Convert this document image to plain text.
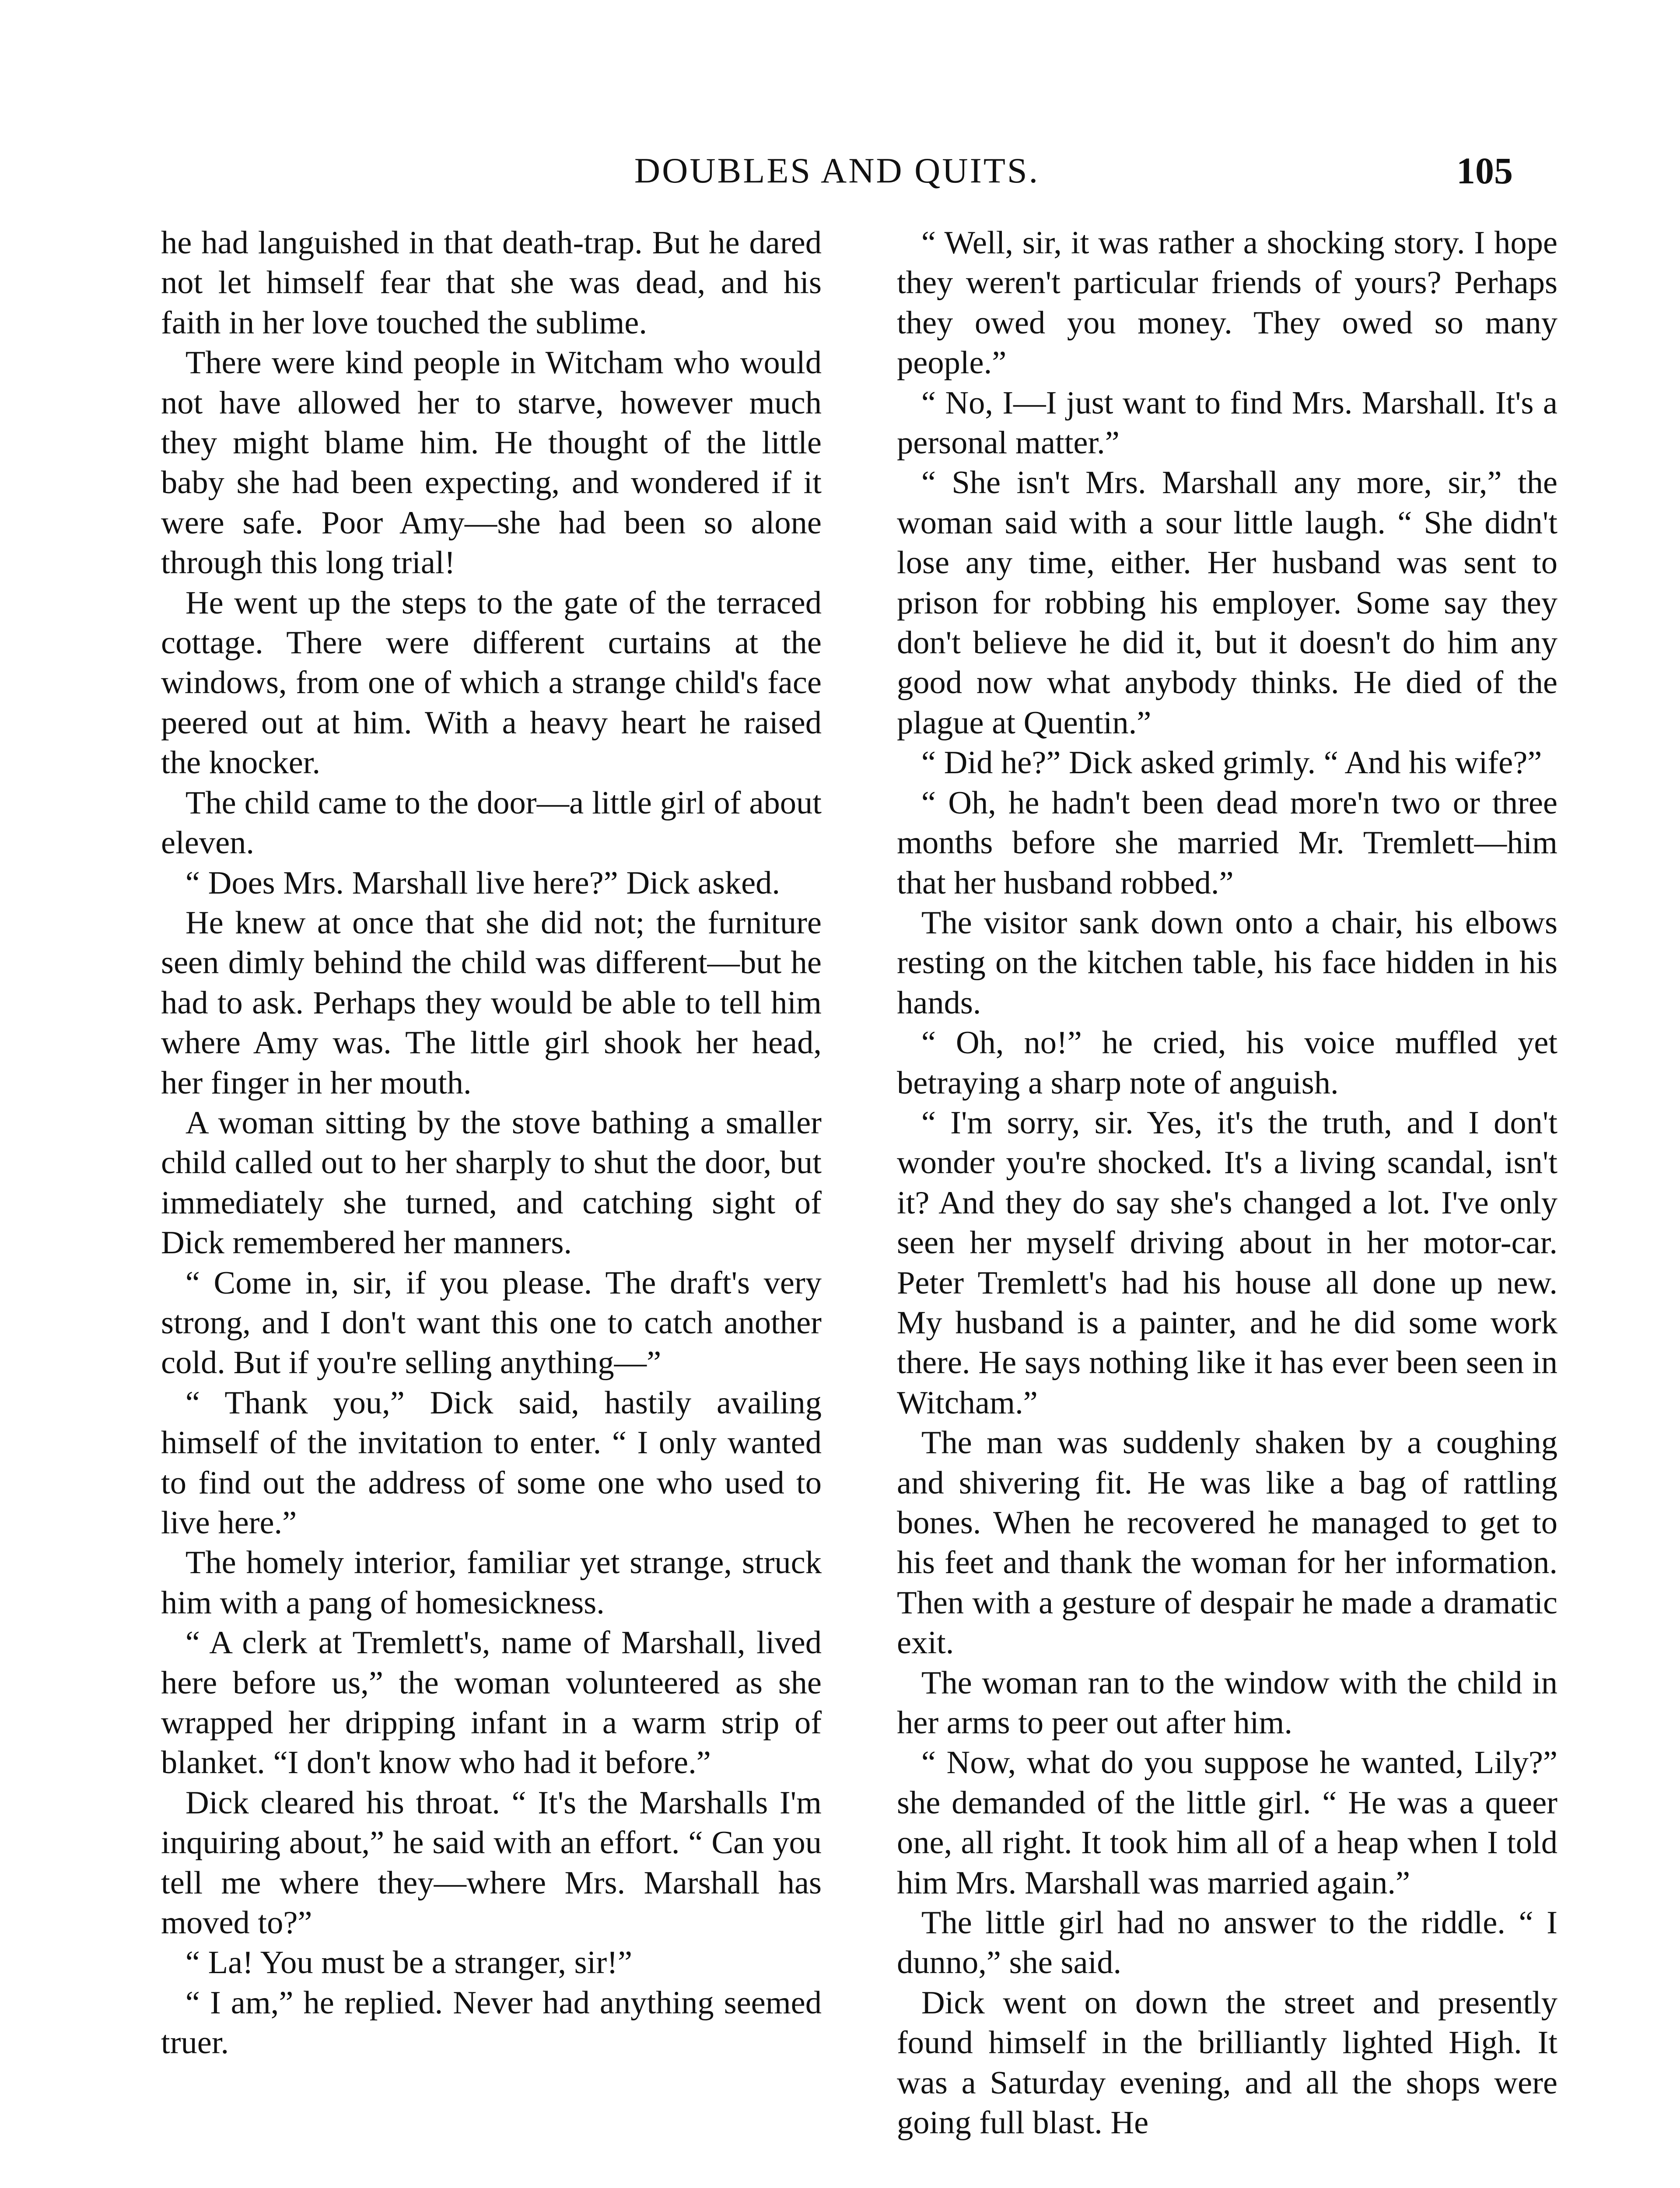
DOUBLES AND QUITS.	105

he had languished in that death-trap. But he dared not let himself fear that she was dead, and his faith in her love touched the sublime.

There were kind people in Witcham who would not have allowed her to starve, however much they might blame him. He thought of the little baby she had been expecting, and wondered if it were safe. Poor Amy—she had been so alone through this long trial!

He went up the steps to the gate of the terraced cottage. There were different curtains at the windows, from one of which a strange child's face peered out at him. With a heavy heart he raised the knocker.

The child came to the door—a little girl of about eleven.

“ Does Mrs. Marshall live here?” Dick asked.

He knew at once that she did not; the furniture seen dimly behind the child was different—but he had to ask. Perhaps they would be able to tell him where Amy was. The little girl shook her head, her finger in her mouth.

A woman sitting by the stove bathing a smaller child called out to her sharply to shut the door, but immediately she turned, and catching sight of Dick remembered her manners.

“ Come in, sir, if you please. The draft's very strong, and I don't want this one to catch another cold. But if you're selling anything—”

“ Thank you,” Dick said, hastily availing himself of the invitation to enter. “ I only wanted to find out the address of some one who used to live here.”

The homely interior, familiar yet strange, struck him with a pang of homesickness.

“ A clerk at Tremlett's, name of Marshall, lived here before us,” the woman volunteered as she wrapped her dripping infant in a warm strip of blanket. “I don't know who had it before.”

Dick cleared his throat. “ It's the Marshalls I'm inquiring about,” he said with an effort. “ Can you tell me where they—where Mrs. Marshall has moved to?”

“ La! You must be a stranger, sir!”

“ I am,” he replied. Never had anything seemed truer.

“ Well, sir, it was rather a shocking story. I hope they weren't particular friends of yours? Perhaps they owed you money. They owed so many people.”

“ No, I—I just want to find Mrs. Marshall. It's a personal matter.”

“ She isn't Mrs. Marshall any more, sir,” the woman said with a sour little laugh. “ She didn't lose any time, either. Her husband was sent to prison for robbing his employer. Some say they don't believe he did it, but it doesn't do him any good now what anybody thinks. He died of the plague at Quentin.”

“ Did he?” Dick asked grimly. “ And his wife?”

“ Oh, he hadn't been dead more'n two or three months before she married Mr. Tremlett—him that her husband robbed.”

The visitor sank down onto a chair, his elbows resting on the kitchen table, his face hidden in his hands.

“ Oh, no!” he cried, his voice muffled yet betraying a sharp note of anguish.

“ I'm sorry, sir. Yes, it's the truth, and I don't wonder you're shocked. It's a living scandal, isn't it? And they do say she's changed a lot. I've only seen her myself driving about in her motor-car. Peter Tremlett's had his house all done up new. My husband is a painter, and he did some work there. He says nothing like it has ever been seen in Witcham.”

The man was suddenly shaken by a coughing and shivering fit. He was like a bag of rattling bones. When he recovered he managed to get to his feet and thank the woman for her information. Then with a gesture of despair he made a dramatic exit.

The woman ran to the window with the child in her arms to peer out after him.

“ Now, what do you suppose he wanted, Lily?” she demanded of the little girl. “ He was a queer one, all right. It took him all of a heap when I told him Mrs. Marshall was married again.”

The little girl had no answer to the riddle. “ I dunno,” she said.

Dick went on down the street and presently found himself in the brilliantly lighted High. It was a Saturday evening, and all the shops were going full blast. He
